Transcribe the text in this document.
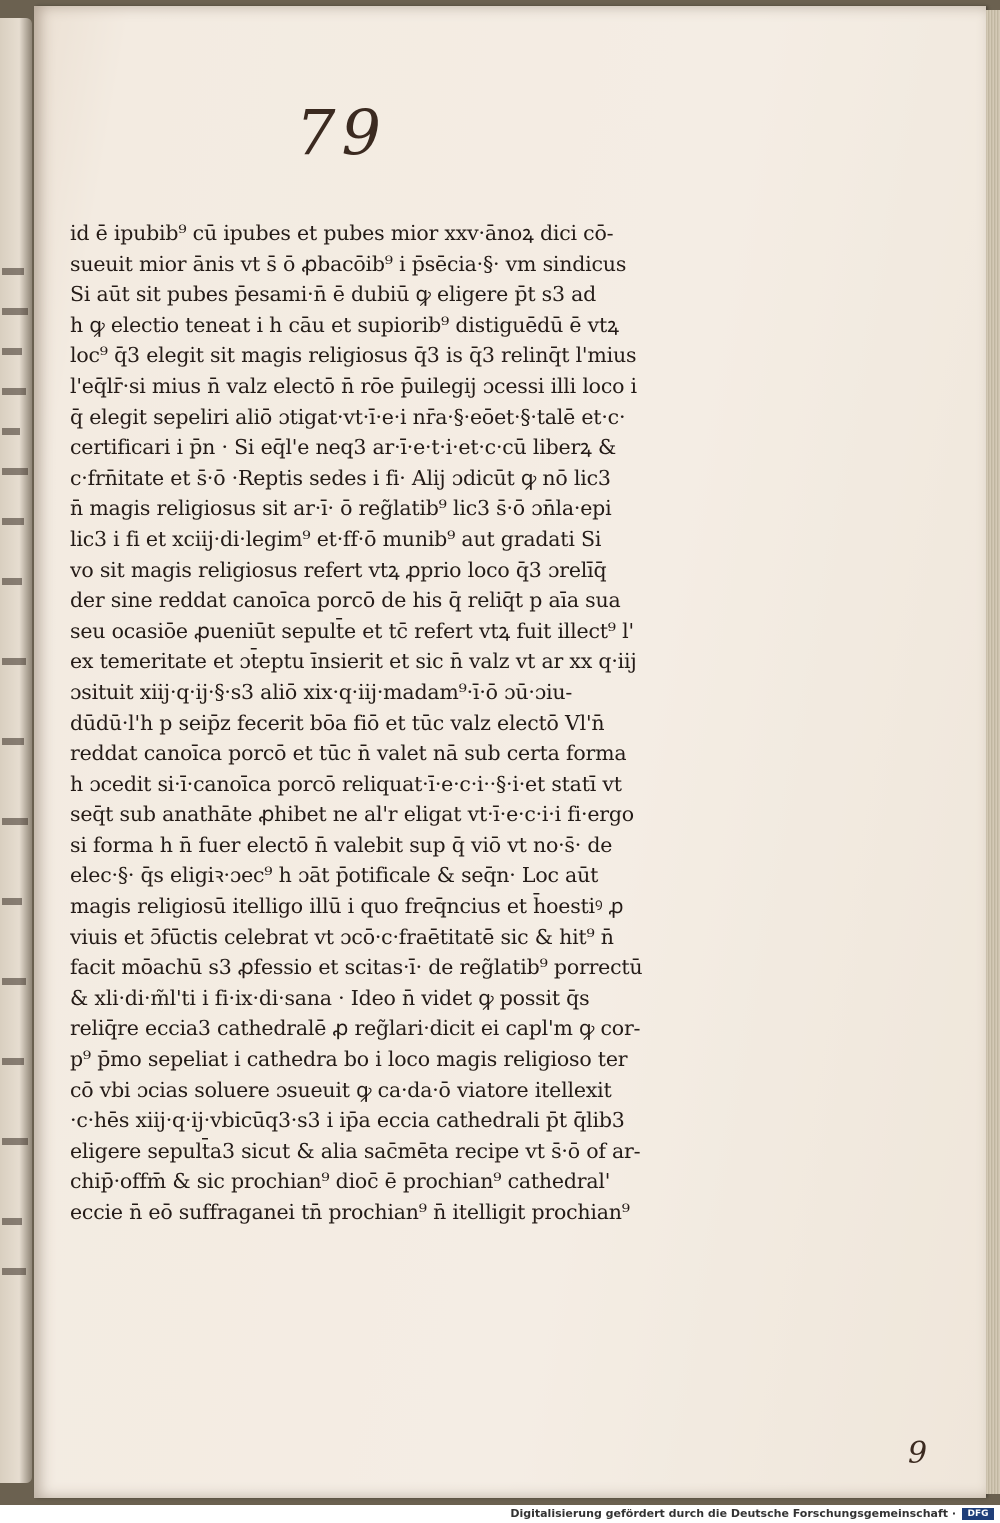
79
id ē ipubib⁹ cū ipubes et pubes mior xxv·ānoꝝ dici cō-
sueuit mior ānis vt s̄ ō ꝓbacōib⁹ i p̄sēcia·§· vm sindicus
Si aūt sit pubes p̄esami·n̄ ē dubiū ꝙ eligere p̄t s3 ad
h ꝙ electio teneat i h cāu et supiorib⁹ distiguēdū ē vtꝝ
loc⁹ q̄3 elegit sit magis religiosus q̄3 is q̄3 relinq̄t l'mius
l'eq̄lr̄·si mius n̄ valz electō n̄ rōe p̄uilegij ɔcessi illi loco i
q̄ elegit sepeliri aliō ɔtigat·vt·ī·e·i nr̄a·§·eōet·§·talē et·c·
certificari i p̄n · Si eq̄l'e neq3 ar·ī·e·t·i·et·c·cū liberꝝ &
c·frn̄itate et s̄·ō ·Reptis sedes i fi· Alij ɔdicūt ꝙ nō lic3
n̄ magis religiosus sit ar·ī· ō reg̃latib⁹ lic3 s̄·ō ɔn̄la·epi
lic3 i fi et xciij·di·legim⁹ et·ff·ō munib⁹ aut gradati Si
vo sit magis religiosus refert vtꝝ ꝓprio loco q̄3 ɔrelīq̄
der sine reddat canoīca porcō de his q̄ reliq̄t p aīa sua
seu ocasiōe ꝓueniūt sepult̄e et tc̄ refert vtꝝ fuit illect⁹ l'
ex temeritate et ɔt̄eptu īnsierit et sic n̄ valz vt ar xx q·iij
ɔsituit xiij·q·ij·§·s3 aliō xix·q·iij·madam⁹·ī·ō ɔū·ɔiu-
dūdū·l'h p seip̄z fecerit bōa fiō et tūc valz electō Vl'n̄
reddat canoīca porcō et tūc n̄ valet nā sub certa forma
h ɔcedit si·ī·canoīca porcō reliquat·ī·e·c·i··§·i·et statī vt
seq̄t sub anathāte ꝓhibet ne al'r eligat vt·ī·e·c·i·i fi·ergo
si forma h n̄ fuer electō n̄ valebit sup q̄ viō vt no·s̄· de
elec·§· q̄s eligiꝛ·ɔec⁹ h ɔāt p̄otificale & seq̄n· Loc aūt
magis religiosū itelligo illū i quo freq̄ncius et h̄oestiꝰ ꝓ
viuis et ɔ̄fūctis celebrat vt ɔcō·c·fraētitatē sic & hit⁹ n̄
facit mōachū s3 ꝓfessio et scitas·ī· de reg̃latib⁹ porrectū
& xli·di·m̃l'ti i fi·ix·di·sana · Ideo n̄ videt ꝙ possit q̄s
reliq̄re eccia3 cathedralē ꝓ reg̃lari·dicit ei capl'm ꝙ cor-
p⁹ p̄mo sepeliat i cathedra bo i loco magis religioso ter
cō vbi ɔcias soluere ɔsueuit ꝙ ca·da·ō viatore itellexit
·c·hēs xiij·q·ij·vbicūq3·s3 i ip̄a eccia cathedrali p̄t q̄lib3
eligere sepult̄a3 sicut & alia sac̄mēta recipe vt s̄·ō of ar-
chip̄·offm̄ & sic prochian⁹ dioc̄ ē prochian⁹ cathedral'
eccie n̄ eō suffraganei tn̄ prochian⁹ n̄ itelligit prochian⁹
9
Digitalisierung gefördert durch die Deutsche Forschungsgemeinschaft ·	DFG
